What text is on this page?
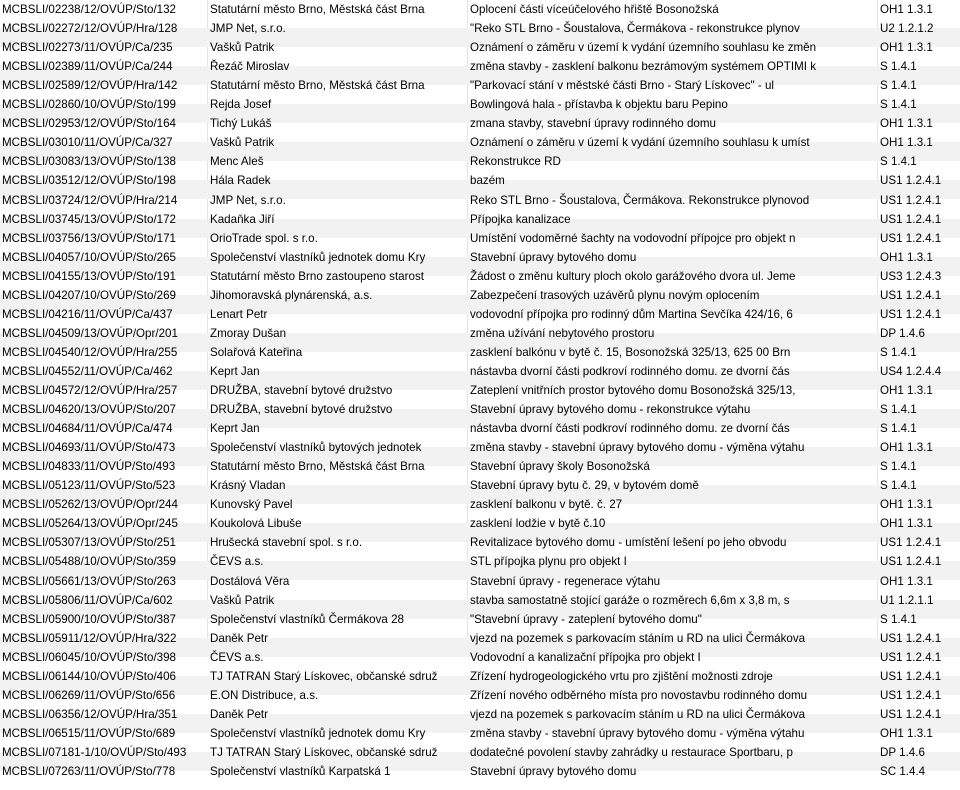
MCBSLI/02238/12/OVÚP/Sto/132	Statutární město Brno, Městská část Brna	Oplocení části víceúčelového hřiště Bosonožská	OH1 1.3.1
MCBSLI/02272/12/OVÚP/Hra/128	JMP Net, s.r.o.	"Reko STL Brno - Šoustalova, Čermákova - rekonstrukce plynov	U2 1.2.1.2
MCBSLI/02273/11/OVÚP/Ca/235	Vašků Patrik	Oznámení o záměru v území k vydání územního souhlasu ke změn	OH1 1.3.1
MCBSLI/02389/11/OVÚP/Ca/244	Řezáč Miroslav	změna stavby - zasklení balkonu bezrámovým systémem OPTIMI k	S 1.4.1
MCBSLI/02589/12/OVÚP/Hra/142	Statutární město Brno, Městská část Brna	"Parkovací stání v městské části Brno - Starý Lískovec" - ul	S 1.4.1
MCBSLI/02860/10/OVÚP/Sto/199	Rejda Josef	Bowlingová hala - přístavba k objektu baru Pepino	S 1.4.1
MCBSLI/02953/12/OVÚP/Sto/164	Tichý Lukáš	zmana stavby, stavební úpravy rodinného domu	OH1 1.3.1
MCBSLI/03010/11/OVÚP/Ca/327	Vašků Patrik	Oznámení o záměru v území k vydání územního souhlasu k umíst	OH1 1.3.1
MCBSLI/03083/13/OVÚP/Sto/138	Menc Aleš	Rekonstrukce RD	S 1.4.1
MCBSLI/03512/12/OVÚP/Sto/198	Hála Radek	bazém	US1 1.2.4.1
MCBSLI/03724/12/OVÚP/Hra/214	JMP Net, s.r.o.	Reko STL Brno - Šoustalova, Čermákova. Rekonstrukce plynovod	US1 1.2.4.1
MCBSLI/03745/13/OVÚP/Sto/172	Kadaňka Jiří	Přípojka kanalizace	US1 1.2.4.1
MCBSLI/03756/13/OVÚP/Sto/171	OrioTrade spol. s r.o.	Umístění vodoměrné šachty na vodovodní přípojce pro objekt n	US1 1.2.4.1
MCBSLI/04057/10/OVÚP/Sto/265	Společenství vlastníků jednotek domu Kry	Stavební úpravy bytového domu	OH1 1.3.1
MCBSLI/04155/13/OVÚP/Sto/191	Statutární město Brno zastoupeno starost	Žádost o změnu kultury ploch okolo garážového dvora ul. Jeme	US3 1.2.4.3
MCBSLI/04207/10/OVÚP/Sto/269	Jihomoravská plynárenská, a.s.	Zabezpečení trasových uzávěrů plynu novým oplocením	US1 1.2.4.1
MCBSLI/04216/11/OVÚP/Ca/437	Lenart Petr	vodovodní přípojka pro rodinný dům Martina Sevčíka 424/16, 6	US1 1.2.4.1
MCBSLI/04509/13/OVÚP/Opr/201	Zmoray Dušan	změna užívání nebytového prostoru	DP 1.4.6
MCBSLI/04540/12/OVÚP/Hra/255	Solařová Kateřina	zasklení balkónu v bytě č. 15, Bosonožská 325/13, 625 00 Brn	S 1.4.1
MCBSLI/04552/11/OVÚP/Ca/462	Keprt Jan	nástavba dvorní části podkroví rodinného domu. ze dvorní čás	US4 1.2.4.4
MCBSLI/04572/12/OVÚP/Hra/257	DRUŽBA, stavební bytové družstvo	Zateplení vnitřních prostor bytového domu Bosonožská 325/13,	OH1 1.3.1
MCBSLI/04620/13/OVÚP/Sto/207	DRUŽBA, stavební bytové družstvo	Stavební úpravy bytového domu - rekonstrukce výtahu	S 1.4.1
MCBSLI/04684/11/OVÚP/Ca/474	Keprt Jan	nástavba dvorní části podkroví rodinného domu. ze dvorní čás	S 1.4.1
MCBSLI/04693/11/OVÚP/Sto/473	Společenství vlastníků bytových jednotek	změna stavby - stavební úpravy bytového domu - výměna výtahu	OH1 1.3.1
MCBSLI/04833/11/OVÚP/Sto/493	Statutární město Brno, Městská část Brna	Stavební úpravy školy Bosonožská	S 1.4.1
MCBSLI/05123/11/OVÚP/Sto/523	Krásný Vladan	Stavební úpravy bytu č. 29, v bytovém domě	S 1.4.1
MCBSLI/05262/13/OVÚP/Opr/244	Kunovský Pavel	zasklení balkonu v bytě. č. 27	OH1 1.3.1
MCBSLI/05264/13/OVÚP/Opr/245	Koukolová Libuše	zasklení lodžie v bytě č.10	OH1 1.3.1
MCBSLI/05307/13/OVÚP/Sto/251	Hrušecká stavební spol. s r.o.	Revitalizace bytového domu - umístění lešení po jeho obvodu	US1 1.2.4.1
MCBSLI/05488/10/OVÚP/Sto/359	ČEVS a.s.	STL přípojka plynu pro objekt I	US1 1.2.4.1
MCBSLI/05661/13/OVÚP/Sto/263	Dostálová Věra	Stavební úpravy - regenerace výtahu	OH1 1.3.1
MCBSLI/05806/11/OVÚP/Ca/602	Vašků Patrik	stavba samostatně stojící garáže o rozměrech 6,6m x 3,8 m, s	U1 1.2.1.1
MCBSLI/05900/10/OVÚP/Sto/387	Společenství vlastníků Čermákova 28	"Stavební úpravy - zateplení bytového domu"	S 1.4.1
MCBSLI/05911/12/OVÚP/Hra/322	Daněk Petr	vjezd na pozemek s parkovacím stáním u RD na ulici Čermákova	US1 1.2.4.1
MCBSLI/06045/10/OVÚP/Sto/398	ČEVS a.s.	Vodovodní a kanalizační přípojka pro objekt I	US1 1.2.4.1
MCBSLI/06144/10/OVÚP/Sto/406	TJ TATRAN Starý Lískovec, občanské sdruž	Zřízení hydrogeologického vrtu pro zjištění možnosti zdroje	US1 1.2.4.1
MCBSLI/06269/11/OVÚP/Sto/656	E.ON Distribuce, a.s.	Zřízení nového odběrného místa pro novostavbu rodinného domu	US1 1.2.4.1
MCBSLI/06356/12/OVÚP/Hra/351	Daněk Petr	vjezd na pozemek s parkovacím stáním u RD na ulici Čermákova	US1 1.2.4.1
MCBSLI/06515/11/OVÚP/Sto/689	Společenství vlastníků jednotek domu Kry	změna stavby - stavební úpravy bytového domu - výměna výtahu	OH1 1.3.1
MCBSLI/07181-1/10/OVÚP/Sto/493	TJ TATRAN Starý Lískovec, občanské sdruž	dodatečné povolení stavby zahrádky u restaurace Sportbaru, p	DP 1.4.6
MCBSLI/07263/11/OVÚP/Sto/778	Společenství vlastníků Karpatská 1	Stavební úpravy bytového domu	SC 1.4.4
